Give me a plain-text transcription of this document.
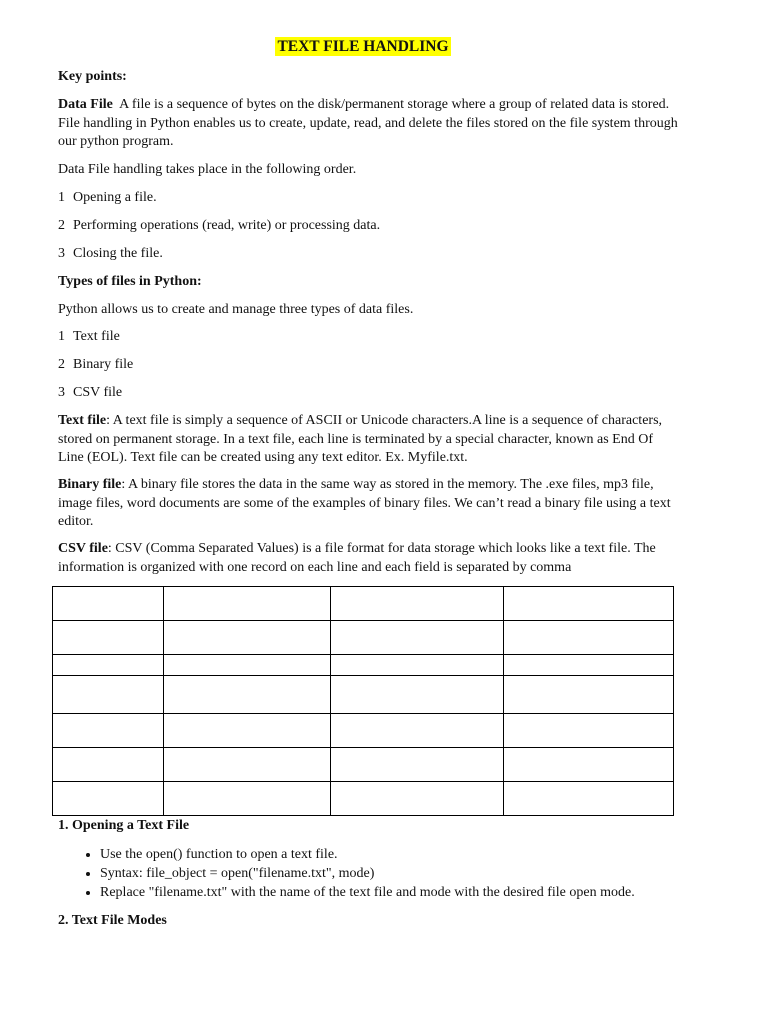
TEXT FILE HANDLING

Key points:

Data File A file is a sequence of bytes on the disk/permanent storage where a group of related data is stored. File handling in Python enables us to create, update, read, and delete the files stored on the file system through our python program.

Data File handling takes place in the following order.

1 Opening a file.

2 Performing operations (read, write) or processing data.

3 Closing the file.

Types of files in Python:

Python allows us to create and manage three types of data files.

1 Text file

2 Binary file

3 CSV file

Text file: A text file is simply a sequence of ASCII or Unicode characters.A line is a sequence of characters, stored on permanent storage. In a text file, each line is terminated by a special character, known as End Of Line (EOL). Text file can be created using any text editor. Ex. Myfile.txt.

Binary file: A binary file stores the data in the same way as stored in the memory. The .exe files, mp3 file, image files, word documents are some of the examples of binary files. We can’t read a binary file using a text editor.

CSV file: CSV (Comma Separated Values) is a file format for data storage which looks like a text file. The information is organized with one record on each line and each field is separated by comma

1. Opening a Text File

• Use the open() function to open a text file.
• Syntax: file_object = open("filename.txt", mode)
• Replace "filename.txt" with the name of the text file and mode with the desired file open mode.

2. Text File Modes
